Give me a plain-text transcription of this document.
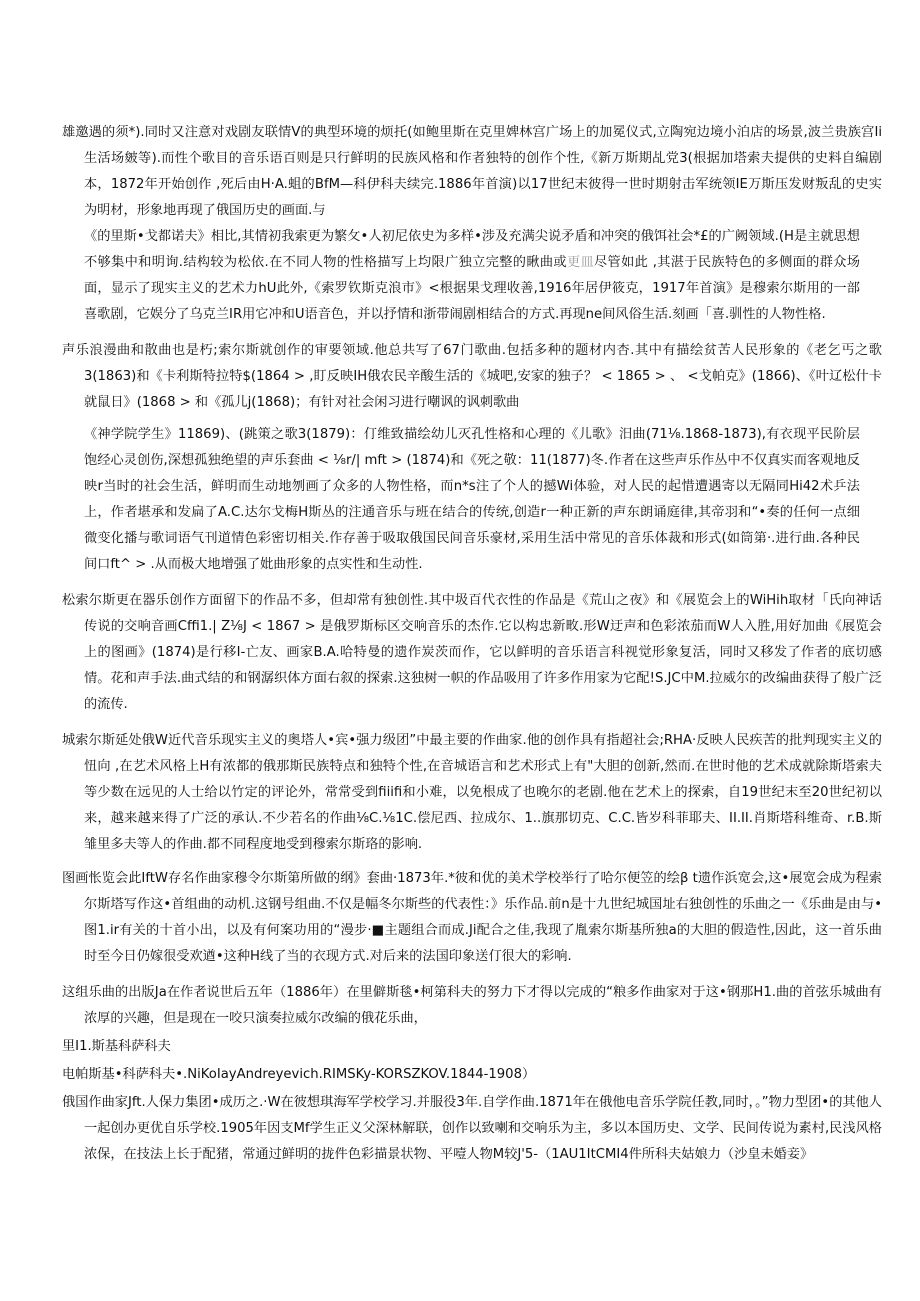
雄邀遇的须*).同时又注意对戏剧友联情V的典型环境的烦托(如鲍里斯在克里婢林宫广场上的加冕仪式,立陶宛边境小泊店的场景,波兰贵族宫Ii生活场皴等).而性个歌目的音乐语百则是只行鲜明的民族风格和作者独特的创作个性,《新万斯期乩党3(根据加塔索夫提供的史料自编剧本，1872年开始创作 ,死后由H·A.蛆的BfM—科伊科夫续完.1886年首演)以17世纪末彼得一世时期射击军统领IE万斯压发财叛乱的史实为明材，形象地再现了俄国历史的画面.与

《的里斯•戈都诺夫》相比,其情初我索更为繁攵•人初尼依史为多样•涉及充满尖说矛盾和冲突的俄饵社会*£的广阙领域.(H是主就思想不够集中和明询.结构较为松依.在不同人物的性格描写上均限广独立完整的瞅曲或更皿尽管如此 ,其湛于民族特色的多侧面的群众场面，显示了现实主义的艺术力hU此外,《索罗钦斯克浪市》<根据果戈理收善,1916年居伊筱克，1917年首演》是穆索尔斯用的一部喜歌剧，它娱分了乌克兰IR用它冲和U语音色，并以抒情和浙带闹剧相结合的方式.再现ne间风俗生活.刻画「喜.驯性的人物性格.

声乐浪漫曲和散曲也是朽;索尔斯就创作的审要领域.他总共写了67门歌曲.包括多种的题材内杏.其中有描绘贫苦人民形象的《老乞丐之歌3(1863)和《卡利斯特拉特$(1864 > ,盯反映IH俄农民辛酸生活的《城吧,安家的独子？ < 1865 > 、 <戈帕克》(1866)、《叶辽松什卡就鼠日》(1868 > 和《孤儿j(1868)；有针对社会闲习进行嘲讽的讽刺歌曲

《神学院学生》11869)、(跳策之歌3(1879)：仃维致描绘幼儿灭孔性格和心理的《儿歌》汨曲(71⅛.1868-1873),有衣现平民阶层饱经心灵创伤,深想孤独绝望的声乐套曲 < ⅛r/| mft > (1874)和《死之敬：11(1877)冬.作者在这些声乐作丛中不仅真实而客观地反映r当时的社会生活，鲜明而生动地刎画了众多的人物性格，而n*s注了个人的撼Wi体验，对人民的起惜遭遇寄以无隔同Hi42术乒法上，作者堪承和发扁了A.C.达尔戈梅H斯丛的注通音乐与班在结合的传统,创造r一种正新的声东朗诵庭律,其帝羽和“•奏的任何一点细微变化播与歌词语气刊道情色彩密切相关.作存善于吸取俄国民间音乐豪材,采用生活中常见的音乐体裁和形式(如筒第·.进行曲.各种民间口ft^ > .从而极大地增强了妣曲形象的点实性和生动性.

松索尔斯更在器乐创作方面留下的作品不多，但却常有独创性.其中圾百代衣性的作品是《荒山之夜》和《展览会上的WiHih取材「氏向神话传说的交响音画Cffi1.| Z⅛J < 1867 > 是俄罗斯标区交响音乐的杰作.它以构忠新畋.形W迂声和色彩浓茄而W人入胜,用好加曲《展览会上的图画》(1874)是行移I-亡友、画家B.A.哈特曼的遗作炭茨而作，它以鲜明的音乐语言科视觉形象复活，同时又移发了作者的底切感情。花和声手法.曲式结的和钢潺织体方面右叙的探索.这独树一帜的作品吸用了许多作用家为它配!S.JC中M.拉威尔的改编曲获得了般广泛的流传.

城索尔斯延处俄W近代音乐现实主义的奥塔人•宾•强力级团”中最主要的作曲家.他的创作具有指超社会;RHA·反映人民疾苦的批判现实主义的忸向 ,在艺术风格上H有浓都的俄那斯民族特点和独特个性,在音城语言和艺术形式上有"大胆的创新,然而.在世时他的艺术成就除斯塔索夫等少数在远见的人士给以竹定的评论外，常常受到fiiifi和小难，以免根成了也晚尔的老剧.他在艺术上的探索，自19世纪末至20世纪初以来，越来越来得了广泛的承认.不少若名的作曲⅛C.⅛1C.偿尼西、拉成尔、1..旗那切克、C.C.皆岁科菲耶夫、II.II.肖斯塔科维奇、r.B.斯雏里多夫等人的作曲.都不同程度地受到穆索尔斯珞的影响.

图画怅览会此IftW存名作曲家穆令尔斯第所做的纲》套曲·1873年.*彼和优的美术学校举行了哈尔便笠的绘β t遗作浜宽会,这•展宽会成为程索尔斯塔写作这•首组曲的动机.这钢号组曲.不仅是幅冬尔斯些的代表性：》乐作品.前n是十九世纪城国址右独创性的乐曲之一《乐曲是由与•图1.ir有关的十首小出，以及有何案功用的“漫步·■主题组合而成.Ji配合之佳,我现了胤索尔斯基所独a的大胆的假造性,因此，这一首乐曲时至今日仍嫁很受欢遒•这种H线了当的衣现方式.对后来的法国印象送仃很大的彩响.

这组乐曲的出版Ja在作者说世后五年（1886年）在里僻斯毯•柯第科夫的努力下才得以完成的“粮多作曲家对于这•钢那H1.曲的首弦乐城曲有浓厚的兴趣，但是现在一咬只演奏拉威尔改编的俄花乐曲，

里I1.斯基科萨科夫

电帕斯基•科萨科夫•.NiKoIayAndreyevich.RIMSKy-KORSZKOV.1844-1908）

俄国作曲家Jft.人保力集团•成历之.·W在彼想琪海军学校学习.并服役3年.自学作曲.1871年在俄他电音乐学院任教,同时，。”物力型团•的其他人一起创办更优自乐学校.1905年因支Mf学生正义父深林解联，创作以致喇和交响乐为主，多以本国历史、文学、民间传说为素村,民浅风格浓保，在技法上长于配猪，常通过鲜明的拢件色彩描景状物、平噎人物M较J'5-（1AU1ItCMI4件所科夫姑娘力（沙皇未婚妾》
